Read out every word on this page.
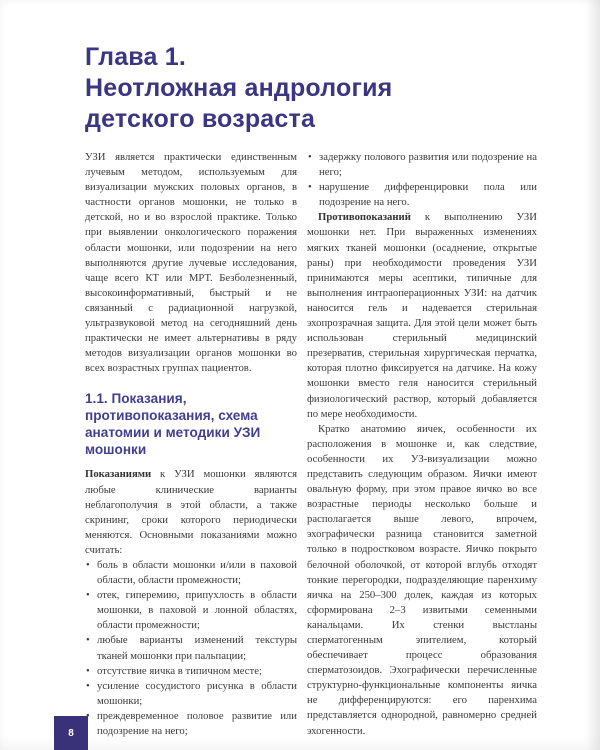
Глава 1.
Неотложная андрология
детского возраста

УЗИ является практически единственным лучевым методом, используемым для визуализации мужских половых органов, в частности органов мошонки, не только в детской, но и во взрослой практике. Только при выявлении онкологического поражения области мошонки, или подозрении на него выполняются другие лучевые исследования, чаще всего КТ или МРТ. Безболезненный, высокоинформативный, быстрый и не связанный с радиационной нагрузкой, ультразвуковой метод на сегодняшний день практически не имеет альтернативы в ряду методов визуализации органов мошонки во всех возрастных группах пациентов.

1.1. Показания, противопоказания, схема анатомии и методики УЗИ мошонки

Показаниями к УЗИ мошонки являются любые клинические варианты неблагополучия в этой области, а также скрининг, сроки которого периодически меняются. Основными показаниями можно считать:

• боль в области мошонки и/или в паховой области, области промежности;
• отек, гиперемию, припухлость в области мошонки, в паховой и лонной областях, области промежности;
• любые варианты изменений текстуры тканей мошонки при пальпации;
• отсутствие яичка в типичном месте;
• усиление сосудистого рисунка в области мошонки;
• преждевременное половое развитие или подозрение на него;
• задержку полового развития или подозрение на него;
• нарушение дифференцировки пола или подозрение на него.

Противопоказаний к выполнению УЗИ мошонки нет. При выраженных изменениях мягких тканей мошонки (осаднение, открытые раны) при необходимости проведения УЗИ принимаются меры асептики, типичные для выполнения интраоперационных УЗИ: на датчик наносится гель и надевается стерильная эхопрозрачная защита. Для этой цели может быть использован стерильный медицинский презерватив, стерильная хирургическая перчатка, которая плотно фиксируется на датчике. На кожу мошонки вместо геля наносится стерильный физиологический раствор, который добавляется по мере необходимости.

Кратко анатомию яичек, особенности их расположения в мошонке и, как следствие, особенности их УЗ-визуализации можно представить следующим образом. Яички имеют овальную форму, при этом правое яичко во все возрастные периоды несколько больше и располагается выше левого, впрочем, эхографически разница становится заметной только в подростковом возрасте. Яичко покрыто белочной оболочкой, от которой вглубь отходят тонкие перегородки, подразделяющие паренхиму яичка на 250–300 долек, каждая из которых сформирована 2–3 извитыми семенными канальцами. Их стенки выстланы сперматогенным эпителием, который обеспечивает процесс образования сперматозоидов. Эхографически перечисленные структурно-функциональные компоненты яичка не дифференцируются: его паренхима представляется однородной, равномерно средней эхогенности.

8
